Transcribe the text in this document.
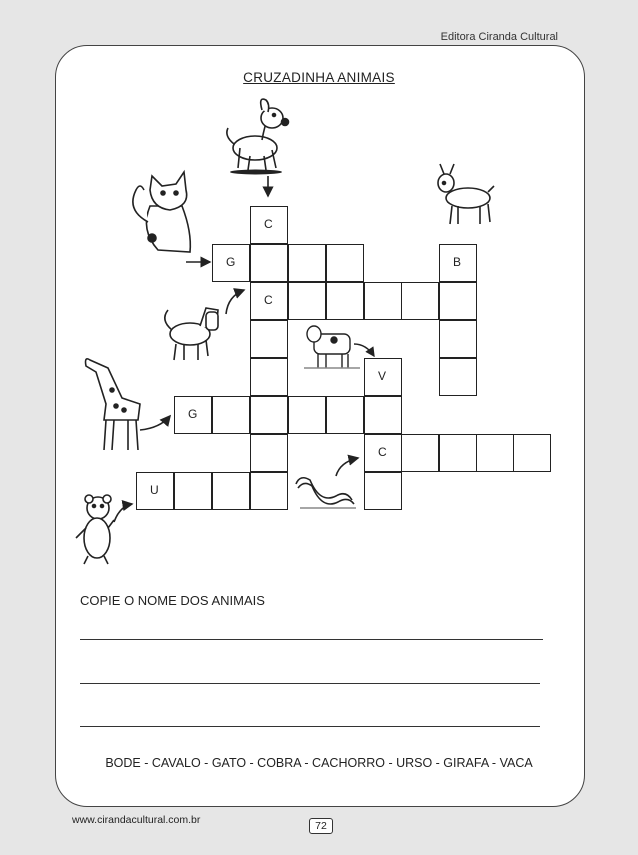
Editora Ciranda Cultural
CRUZADINHA ANIMAIS
C
G	B
V
G
C
U
C
COPIE O NOME DOS ANIMAIS
BODE - CAVALO - GATO - COBRA - CACHORRO - URSO - GIRAFA - VACA
www.cirandacultural.com.br	72
